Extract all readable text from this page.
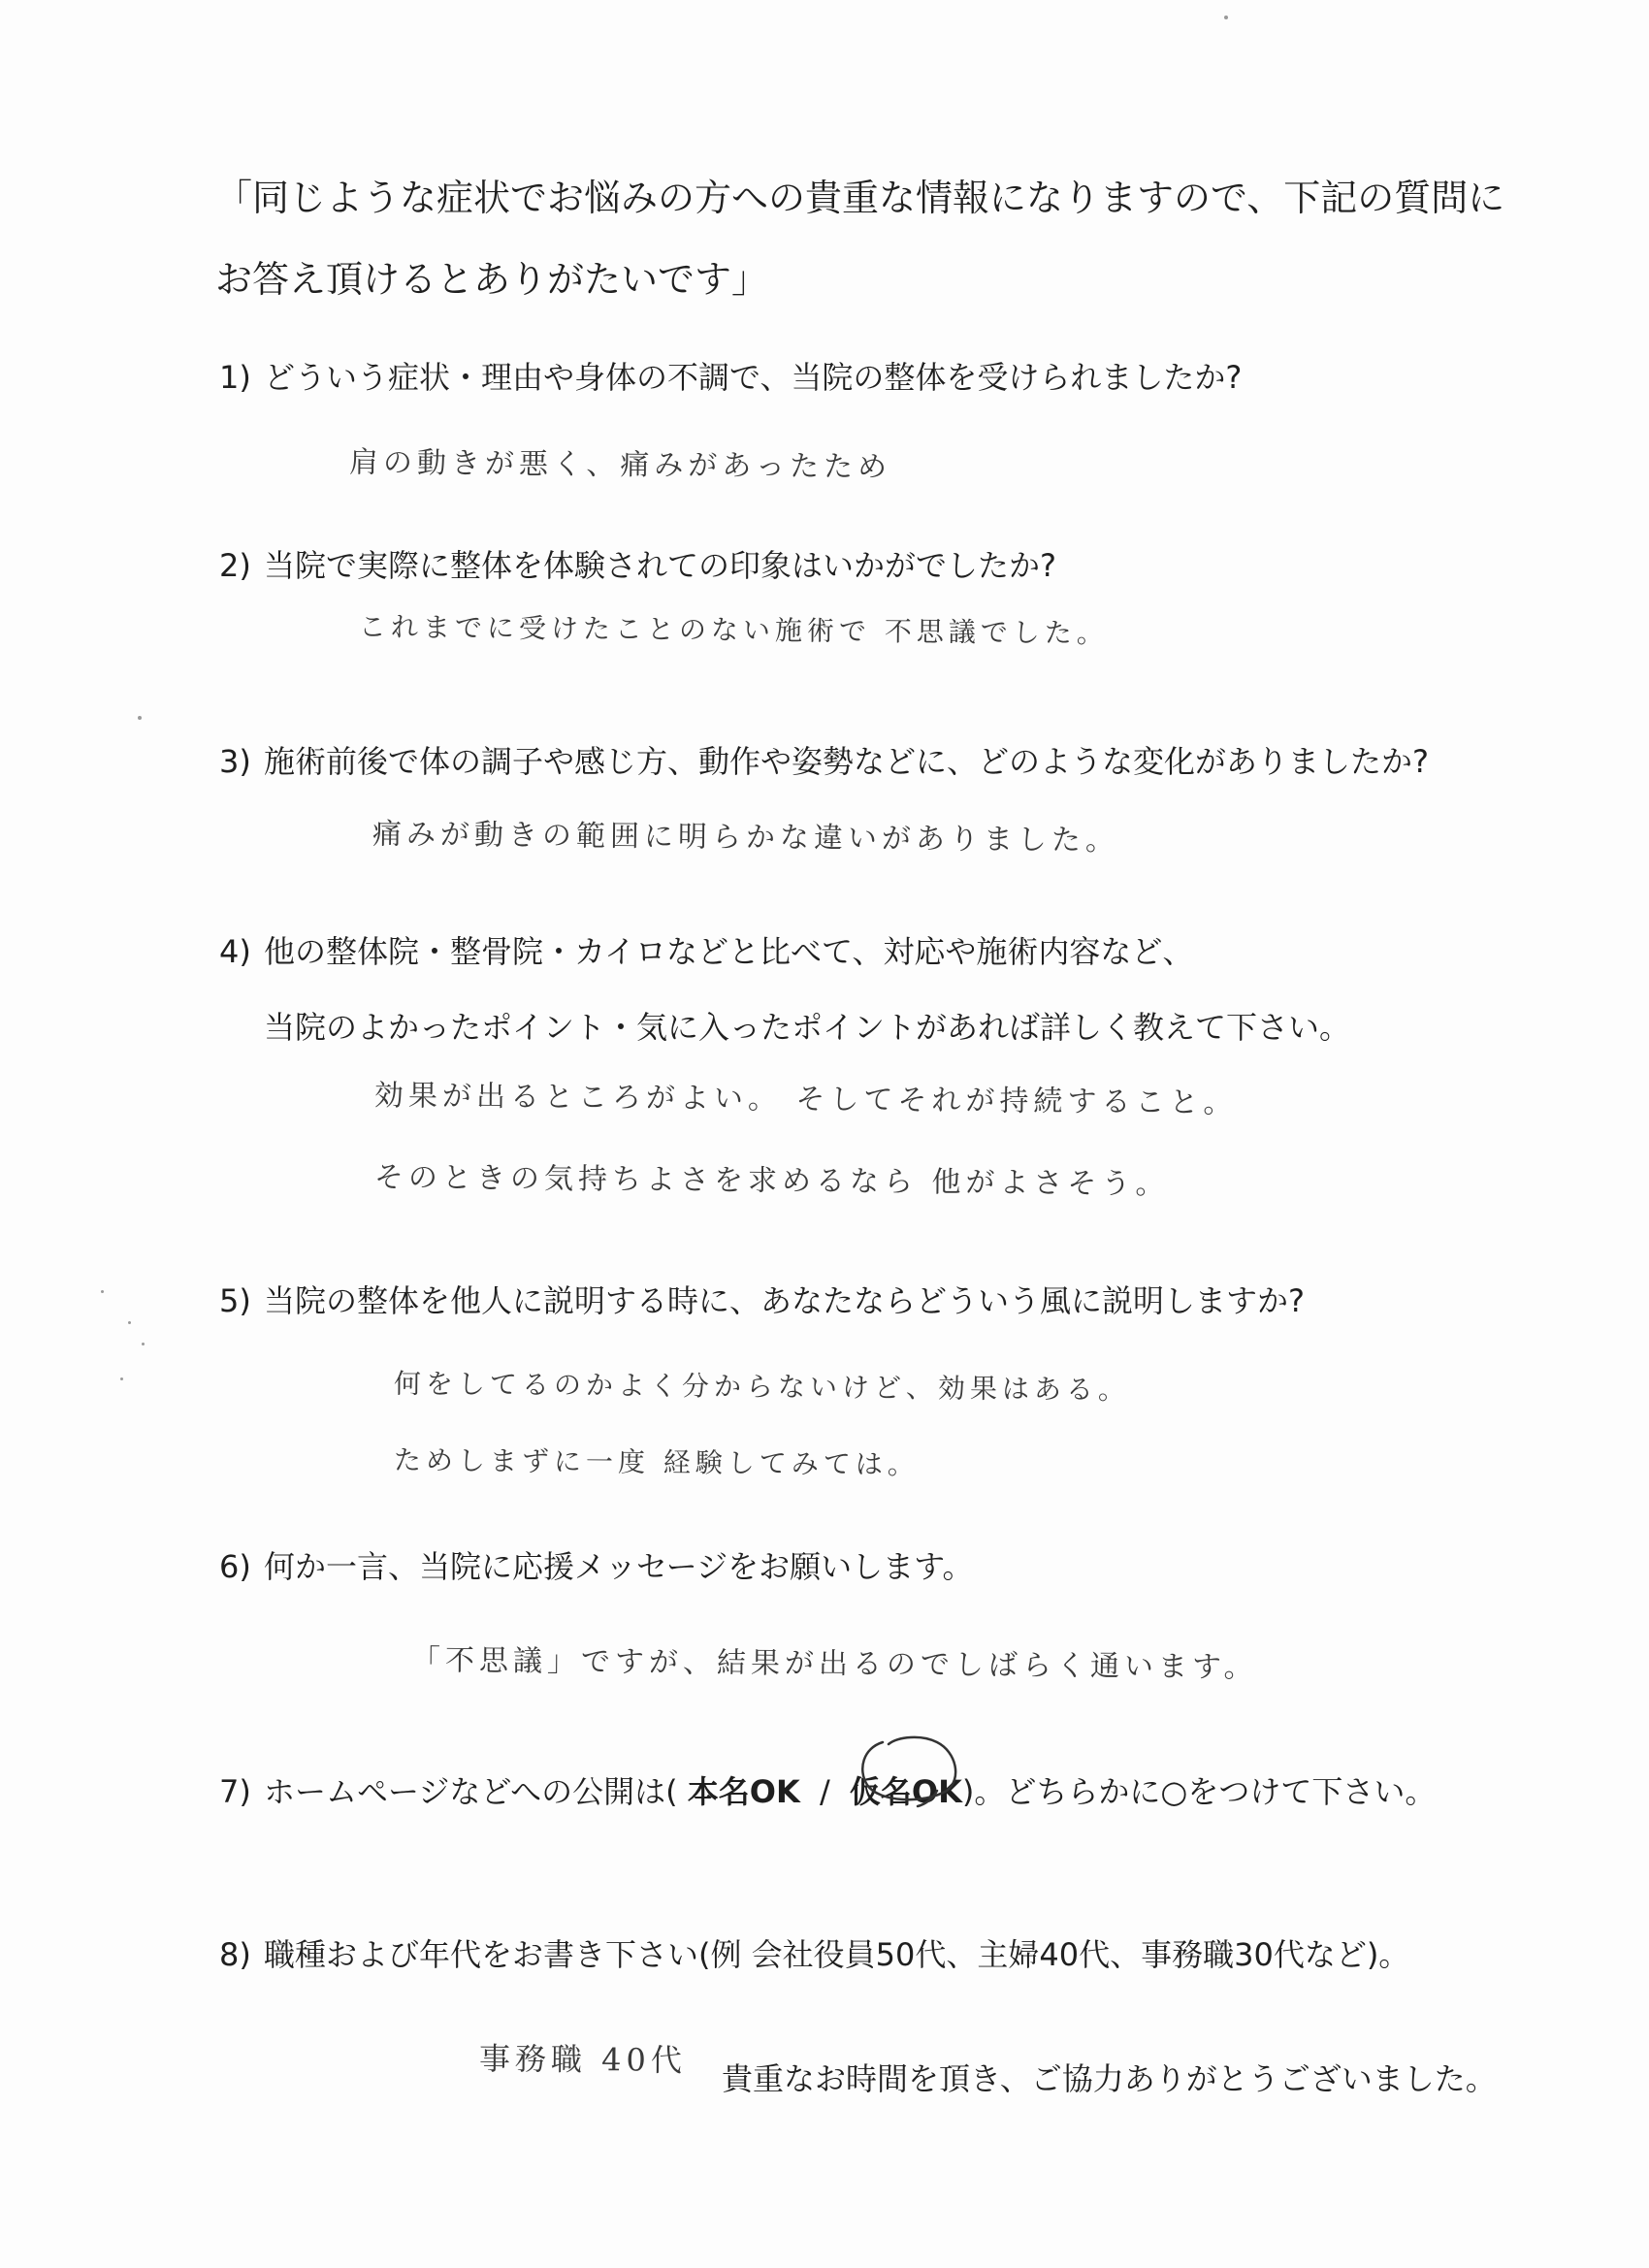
「同じような症状でお悩みの方への貴重な情報になりますので、下記の質問に
お答え頂けるとありがたいです」
1) どういう症状・理由や身体の不調で、当院の整体を受けられましたか?
肩の動きが悪く、痛みがあったため
2) 当院で実際に整体を体験されての印象はいかがでしたか?
これまでに受けたことのない施術で 不思議でした。
3) 施術前後で体の調子や感じ方、動作や姿勢などに、どのような変化がありましたか?
痛みが動きの範囲に明らかな違いがありました。
4) 他の整体院・整骨院・カイロなどと比べて、対応や施術内容など、
当院のよかったポイント・気に入ったポイントがあれば詳しく教えて下さい。
効果が出るところがよい。 そしてそれが持続すること。
そのときの気持ちよさを求めるなら 他がよさそう。
5) 当院の整体を他人に説明する時に、あなたならどういう風に説明しますか?
何をしてるのかよく分からないけど、効果はある。
ためしまずに一度 経験してみては。
6) 何か一言、当院に応援メッセージをお願いします。
「不思議」ですが、結果が出るのでしばらく通います。
7) ホームページなどへの公開は( 本名OK / 仮名OK)。どちらかに○をつけて下さい。
8) 職種および年代をお書き下さい(例 会社役員50代、主婦40代、事務職30代など)。
事務職 40代
貴重なお時間を頂き、ご協力ありがとうございました。
